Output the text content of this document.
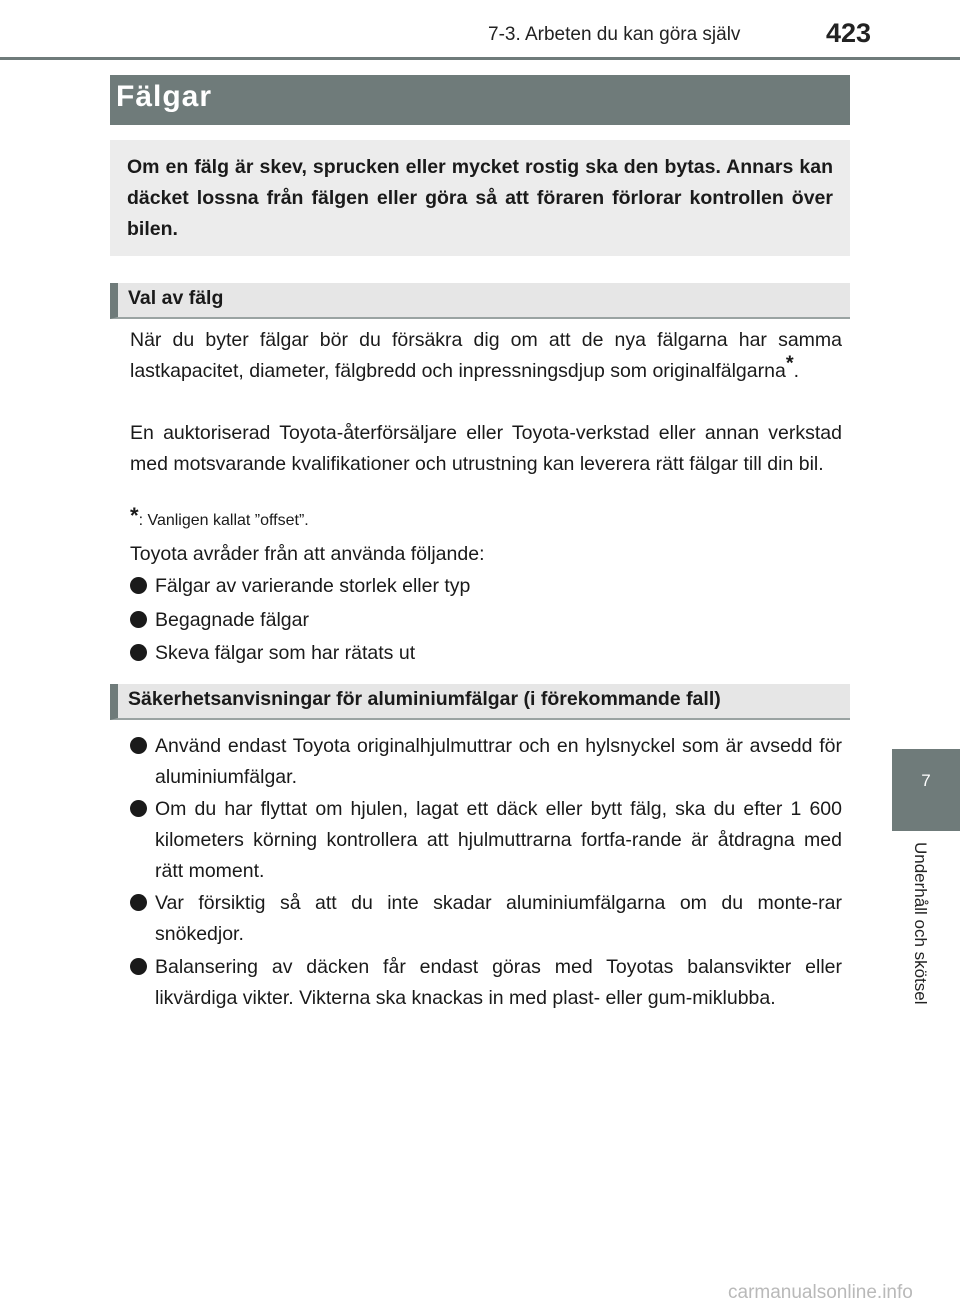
7-3. Arbeten du kan göra själv	423
Fälgar

Om en fälg är skev, sprucken eller mycket rostig ska den bytas. Annars kan däcket lossna från fälgen eller göra så att föraren förlorar kontrollen över bilen.

Val av fälg

När du byter fälgar bör du försäkra dig om att de nya fälgarna har samma lastkapacitet, diameter, fälgbredd och inpressningsdjup som originalfälgarna*.

En auktoriserad Toyota-återförsäljare eller Toyota-verkstad eller annan verkstad med motsvarande kvalifikationer och utrustning kan leverera rätt fälgar till din bil.

*: Vanligen kallat ”offset”.

Toyota avråder från att använda följande:

Fälgar av varierande storlek eller typ
Begagnade fälgar
Skeva fälgar som har rätats ut
Säkerhetsanvisningar för aluminiumfälgar (i förekommande fall)
Använd endast Toyota originalhjulmuttrar och en hylsnyckel som är avsedd för aluminiumfälgar.
Om du har flyttat om hjulen, lagat ett däck eller bytt fälg, ska du efter 1 600 kilometers körning kontrollera att hjulmuttrarna fortfa-rande är åtdragna med rätt moment.
Var försiktig så att du inte skadar aluminiumfälgarna om du monte-rar snökedjor.
Balansering av däcken får endast göras med Toyotas balansvikter eller likvärdiga vikter. Vikterna ska knackas in med plast- eller gum-miklubba.
7
Underhåll och skötsel
carmanualsonline.info
